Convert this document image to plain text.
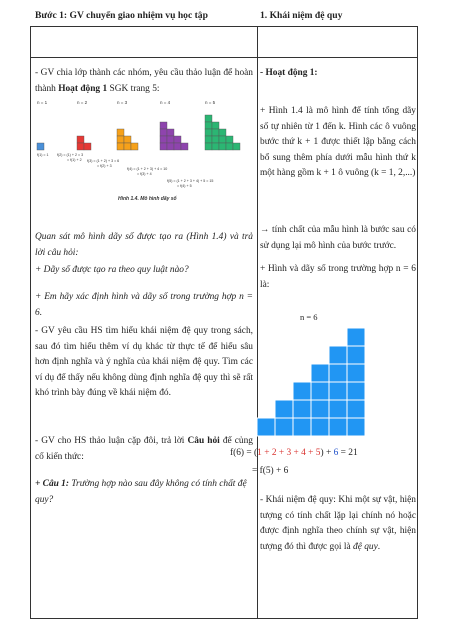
Bước 1: GV chuyển giao nhiệm vụ học tập	1. Khái niệm đệ quy
- GV chia lớp thành các nhóm, yêu cầu thảo luận để hoàn thành Hoạt động 1 SGK trang 5:
n = 1	n = 2	n = 3	n = 4	n = 5
f(1) = 1 f(2) = (1) + 2 = 3
= f(1) + 2 f(3) = (1 + 2) + 3 = 6
= f(2) + 3
f(4) = (1 + 2 + 3) + 4 = 10
= f(3) + 4
f(5) = (1 + 2 + 3 + 4) + 5 = 15
= f(4) + 5
Hình 1.4. Mô hình dãy số
Quan sát mô hình dãy số được tạo ra (Hình 1.4) và trả lời câu hỏi:
+ Dãy số được tạo ra theo quy luật nào?
+ Em hãy xác định hình và dãy số trong trường hợp n = 6.
- GV yêu cầu HS tìm hiểu khái niệm đệ quy trong sách, sau đó tìm hiểu thêm ví dụ khác từ thực tế để hiểu sâu hơn định nghĩa và ý nghĩa của khái niệm đệ quy. Tìm các ví dụ để thấy nếu không dùng định nghĩa đệ quy thì sẽ rất khó trình bày đúng về khái niệm đó.
- GV cho HS thảo luận cặp đôi, trả lời Câu hỏi để củng cố kiến thức:
+ Câu 1: Trường hợp nào sau đây không có tính chất đệ quy?
- Hoạt động 1:
+ Hình 1.4 là mô hình để tính tổng dãy số tự nhiên từ 1 đến k. Hình các ô vuông bước thứ k + 1 được thiết lập bằng cách bổ sung thêm phía dưới mẫu hình thứ k một hàng gồm k + 1 ô vuông (k = 1, 2,...)
→ tính chất của mẫu hình là bước sau có sử dụng lại mô hình của bước trước.
+ Hình và dãy số trong trường hợp n = 6 là:
n = 6
f(6) = (1 + 2 + 3 + 4 + 5) + 6 = 21
= f(5) + 6
- Khái niệm đệ quy: Khi một sự vật, hiện tượng có tính chất lặp lại chính nó hoặc được định nghĩa theo chính sự vật, hiện tượng đó thì được gọi là đệ quy.
